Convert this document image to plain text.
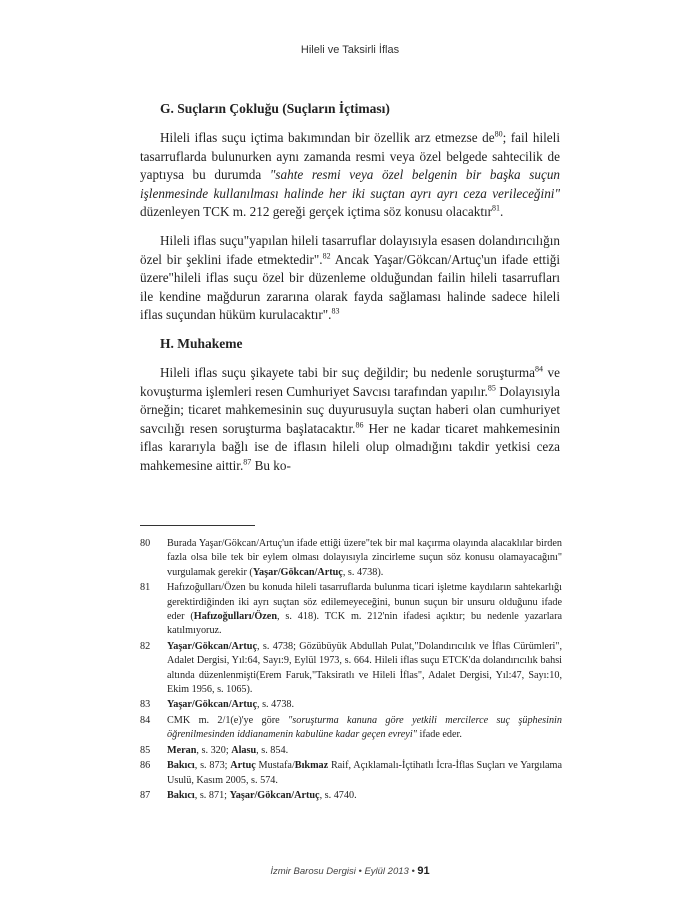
Hileli ve Taksirli İflas
G. Suçların Çokluğu (Suçların İçtiması)

Hileli iflas suçu içtima bakımından bir özellik arz etmezse $de^{80}$; fail hileli tasarruflarda bulunurken aynı zamanda resmi veya özel belgede sahtecilik de yaptıysa bu durumda "sahte resmi veya özel belgenin bir başka suçun işlenmesinde kullanılması halinde her iki suçtan ayrı ayrı ceza verileceğini" düzenleyen TCK m. 212 gereği gerçek içtima söz konusu olacaktır$^{81}$.

Hileli iflas suçu"yapılan hileli tasarruflar dolayısıyla esasen dolandırıcılığın özel bir şeklini ifade etmektedir".$^{82}$ Ancak Yaşar/Gökcan/Artuç'un ifade ettiği üzere"hileli iflas suçu özel bir düzenleme olduğundan failin hileli tasarrufları ile kendine mağdurun zararına olarak fayda sağlaması halinde sadece hileli iflas suçundan hüküm kurulacaktır".$^{83}$

H. Muhakeme

Hileli iflas suçu şikayete tabi bir suç değildir; bu nedenle soruşturma$^{84}$ ve kovuşturma işlemleri resen Cumhuriyet Savcısı tarafından yapılır.$^{85}$ Dolayısıyla örneğin; ticaret mahkemesinin suç duyurusuyla suçtan haberi olan cumhuriyet savcılığı resen soruşturma başlatacaktır.$^{86}$ Her ne kadar ticaret mahkemesinin iflas kararıyla bağlı ise de iflasın hileli olup olmadığını takdir yetkisi ceza mahkemesine aittir.$^{87}$ Bu ko-

80	Burada Yaşar/Gökcan/Artuç'un ifade ettiği üzere"tek bir mal kaçırma olayında alacaklılar birden fazla olsa bile tek bir eylem olması dolayısıyla zincirleme suçun söz konusu olamayacağını" vurgulamak gerekir (Yaşar/Gökcan/Artuç, s. 4738).
81	Hafızoğulları/Özen bu konuda hileli tasarruflarda bulunma ticari işletme kaydıların sahtekarlığı gerektirdiğinden iki ayrı suçtan söz edilemeyeceğini, bunun suçun bir unsuru olduğunu ifade eder (Hafızoğulları/Özen, s. 418). TCK m. 212'nin ifadesi açıktır; bu nedenle yazarlara katılmıyoruz.
82	Yaşar/Gökcan/Artuç, s. 4738; Gözübüyük Abdullah Pulat,"Dolandırıcılık ve İflas Cürümleri", Adalet Dergisi, Yıl:64, Sayı:9, Eylül 1973, s. 664. Hileli iflas suçu ETCK'da dolandırıcılık bahsi altında düzenlenmişti(Erem Faruk,"Taksiratlı ve Hileli İflas", Adalet Dergisi, Yıl:47, Sayı:10, Ekim 1956, s. 1065).
83	Yaşar/Gökcan/Artuç, s. 4738.
84	CMK m. 2/1(e)'ye göre "soruşturma kanuna göre yetkili mercilerce suç şüphesinin öğrenilmesinden iddianamenin kabulüne kadar geçen evreyi" ifade eder.
85	Meran, s. 320; Alasu, s. 854.
86	Bakıcı, s. 873; Artuç Mustafa/Bıkmaz Raif, Açıklamalı-İçtihatlı İcra-İflas Suçları ve Yargılama Usulü, Kasım 2005, s. 574.
87	Bakıcı, s. 871; Yaşar/Gökcan/Artuç, s. 4740.
İzmir Barosu Dergisi • Eylül 2013 • 91
